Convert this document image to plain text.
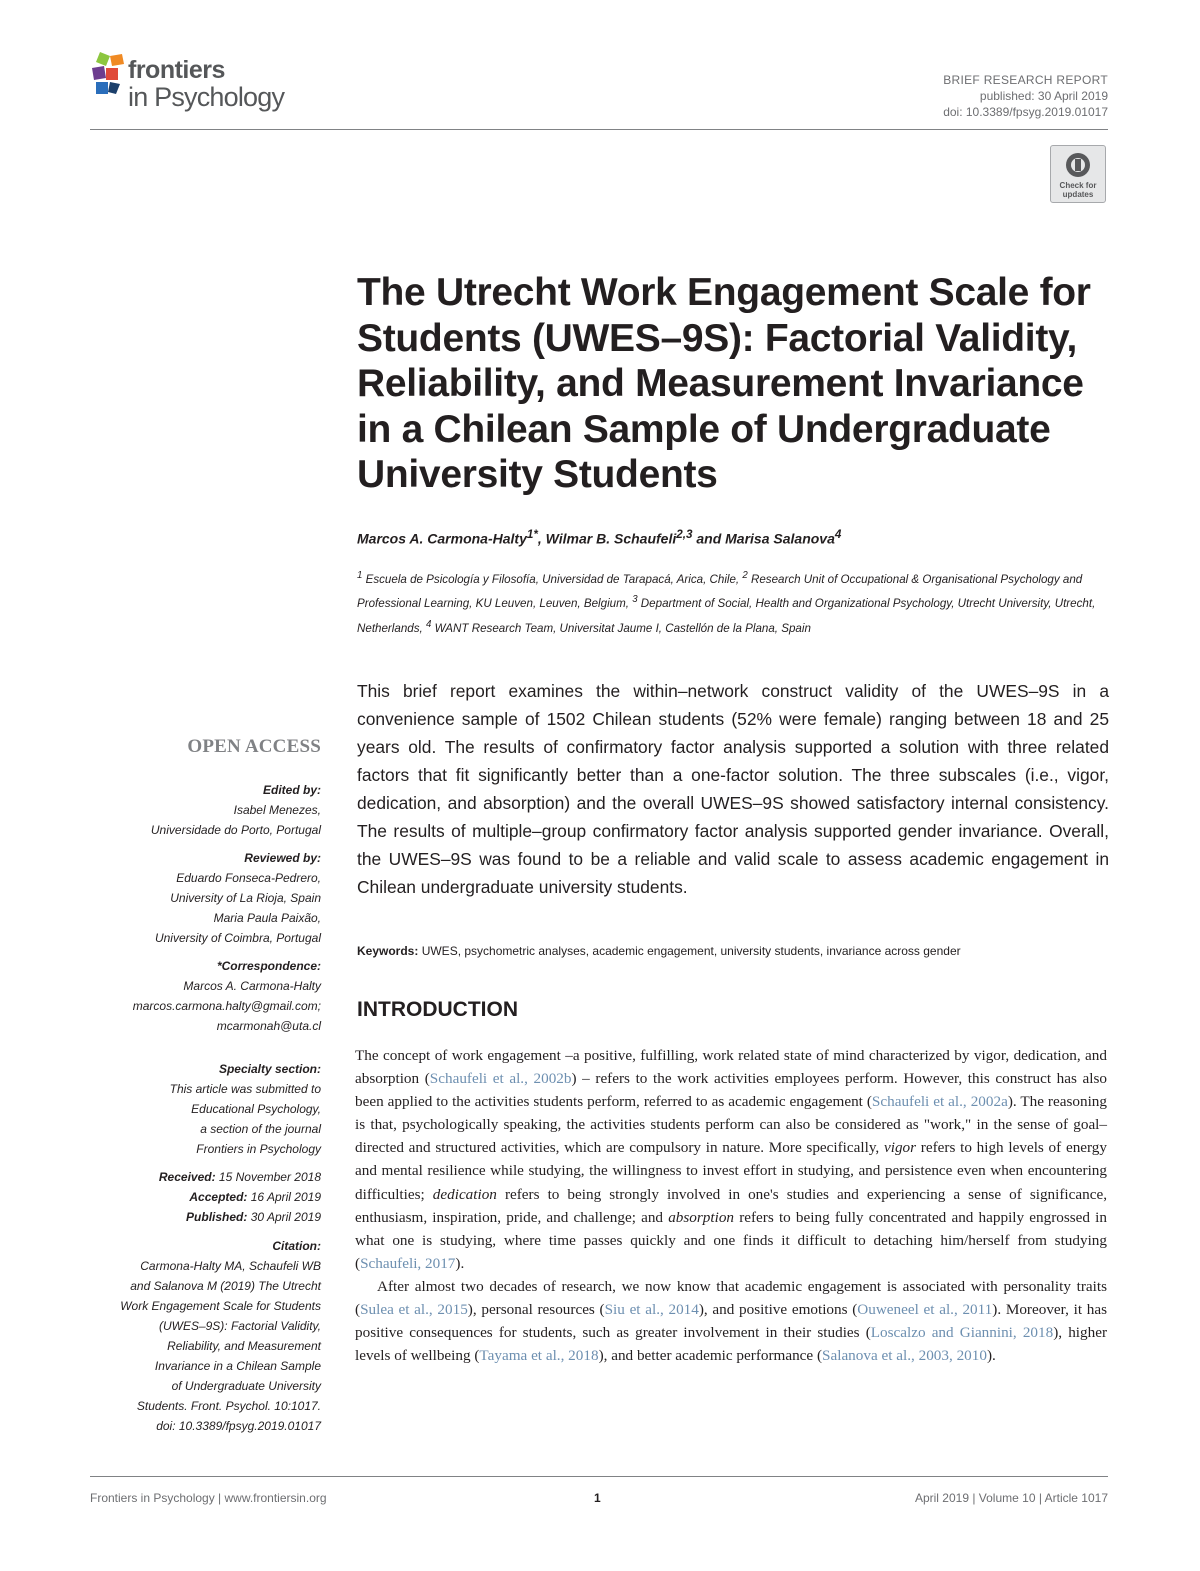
frontiers
in Psychology
BRIEF RESEARCH REPORT
published: 30 April 2019
doi: 10.3389/fpsyg.2019.01017
Check for
updates
The Utrecht Work Engagement Scale for Students (UWES–9S): Factorial Validity, Reliability, and Measurement Invariance in a Chilean Sample of Undergraduate University Students
Marcos A. Carmona-Halty$^{1*}$, Wilmar B. Schaufeli$^{2,3}$ and Marisa Salanova$^4$
$^1$ Escuela de Psicología y Filosofía, Universidad de Tarapacá, Arica, Chile, $^2$ Research Unit of Occupational & Organisational Psychology and Professional Learning, KU Leuven, Leuven, Belgium, $^3$ Department of Social, Health and Organizational Psychology, Utrecht University, Utrecht, Netherlands, $^4$ WANT Research Team, Universitat Jaume I, Castellón de la Plana, Spain
This brief report examines the within–network construct validity of the UWES–9S in a convenience sample of 1502 Chilean students (52% were female) ranging between 18 and 25 years old. The results of confirmatory factor analysis supported a solution with three related factors that fit significantly better than a one-factor solution. The three subscales (i.e., vigor, dedication, and absorption) and the overall UWES–9S showed satisfactory internal consistency. The results of multiple–group confirmatory factor analysis supported gender invariance. Overall, the UWES–9S was found to be a reliable and valid scale to assess academic engagement in Chilean undergraduate university students.
Keywords: UWES, psychometric analyses, academic engagement, university students, invariance across gender
INTRODUCTION

The concept of work engagement –a positive, fulfilling, work related state of mind characterized by vigor, dedication, and absorption (Schaufeli et al., 2002b) – refers to the work activities employees perform. However, this construct has also been applied to the activities students perform, referred to as academic engagement (Schaufeli et al., 2002a). The reasoning is that, psychologically speaking, the activities students perform can also be considered as "work," in the sense of goal–directed and structured activities, which are compulsory in nature. More specifically, vigor refers to high levels of energy and mental resilience while studying, the willingness to invest effort in studying, and persistence even when encountering difficulties; dedication refers to being strongly involved in one's studies and experiencing a sense of significance, enthusiasm, inspiration, pride, and challenge; and absorption refers to being fully concentrated and happily engrossed in what one is studying, where time passes quickly and one finds it difficult to detaching him/herself from studying (Schaufeli, 2017).

After almost two decades of research, we now know that academic engagement is associated with personality traits (Sulea et al., 2015), personal resources (Siu et al., 2014), and positive emotions (Ouweneel et al., 2011). Moreover, it has positive consequences for students, such as greater involvement in their studies (Loscalzo and Giannini, 2018), higher levels of wellbeing (Tayama et al., 2018), and better academic performance (Salanova et al., 2003, 2010).

OPEN ACCESS
Edited by:
Isabel Menezes,
Universidade do Porto, Portugal
Reviewed by:
Eduardo Fonseca-Pedrero,
University of La Rioja, Spain
Maria Paula Paixão,
University of Coimbra, Portugal
*Correspondence:
Marcos A. Carmona-Halty
marcos.carmona.halty@gmail.com;
mcarmonah@uta.cl
Specialty section:
This article was submitted to
Educational Psychology,
a section of the journal
Frontiers in Psychology
Received: 15 November 2018
Accepted: 16 April 2019
Published: 30 April 2019
Citation:
Carmona-Halty MA, Schaufeli WB
and Salanova M (2019) The Utrecht
Work Engagement Scale for Students
(UWES–9S): Factorial Validity,
Reliability, and Measurement
Invariance in a Chilean Sample
of Undergraduate University
Students. Front. Psychol. 10:1017.
doi: 10.3389/fpsyg.2019.01017
Frontiers in Psychology | www.frontiersin.org	1	April 2019 | Volume 10 | Article 1017
